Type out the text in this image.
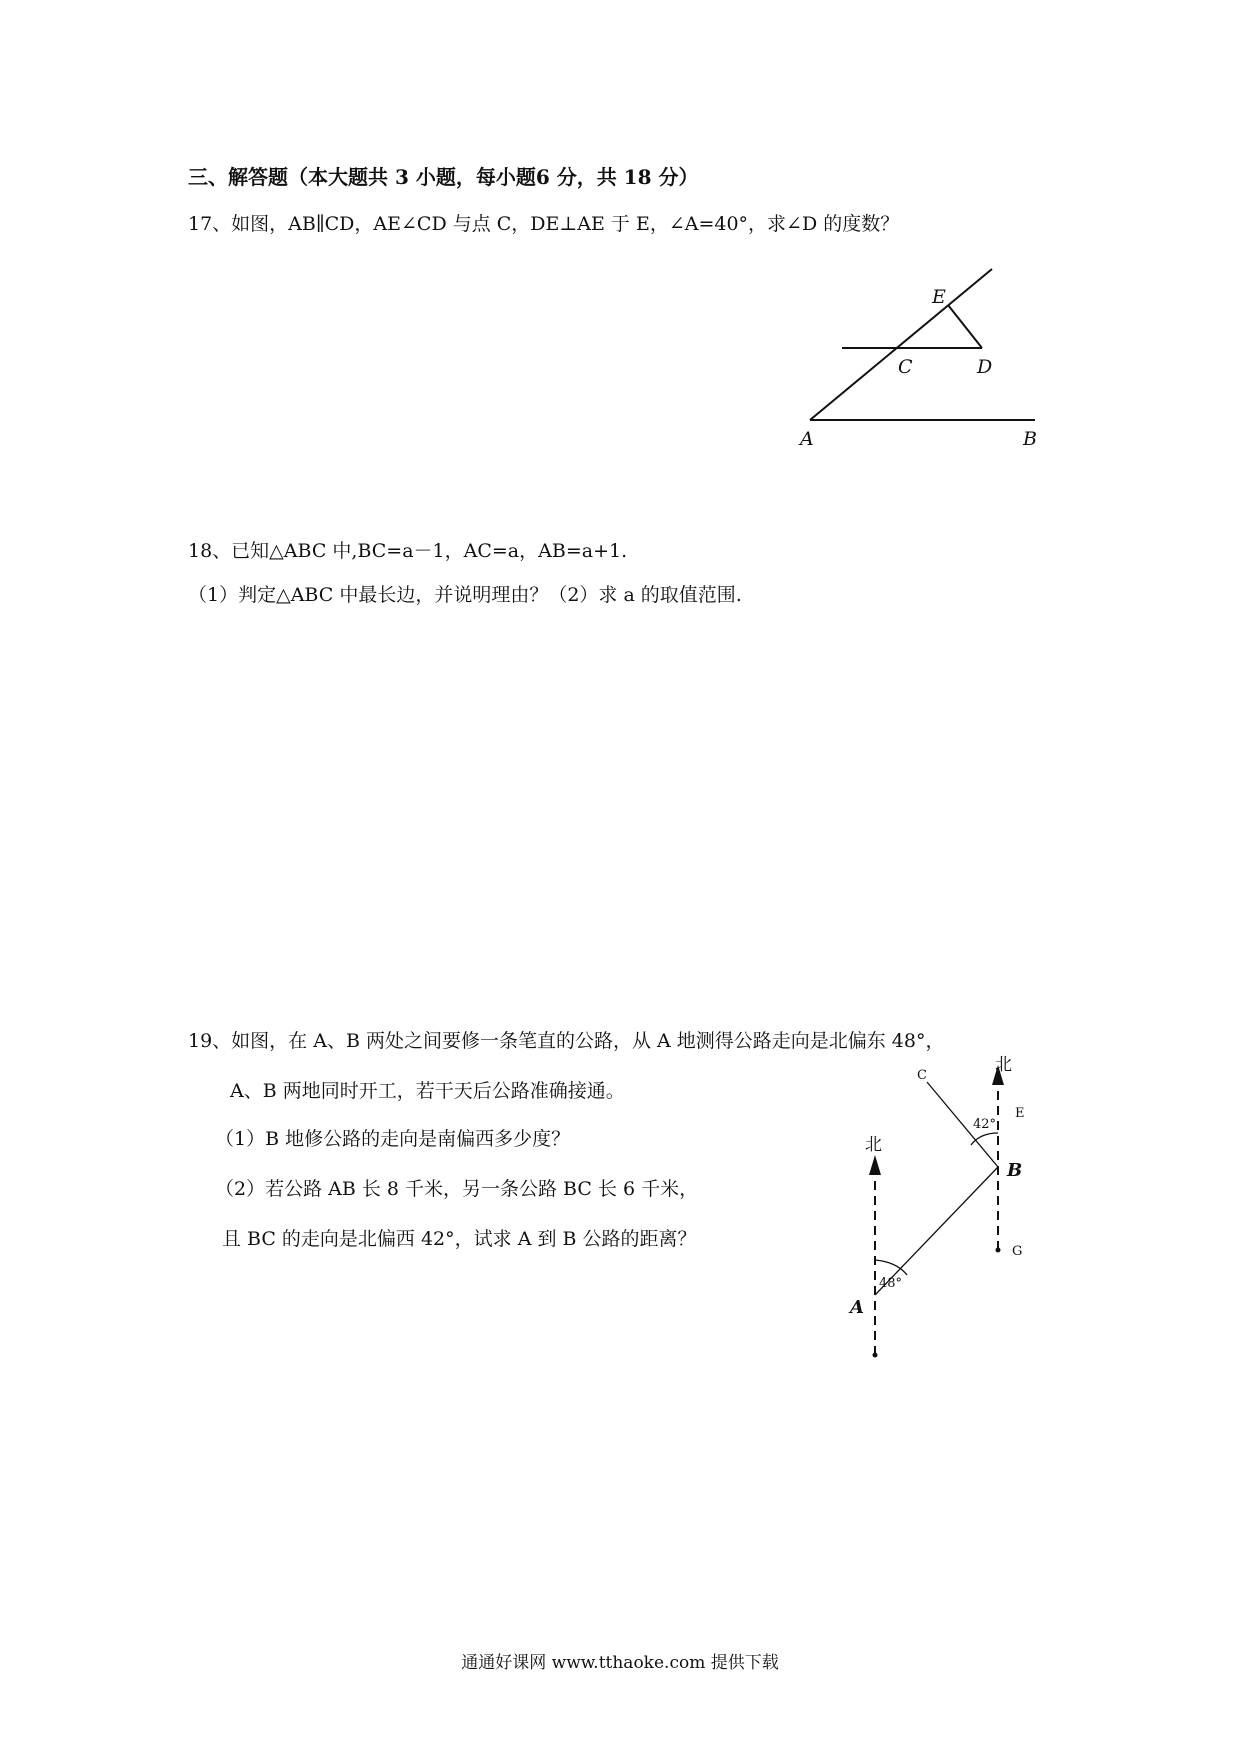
三、解答题（本大题共 3 小题，每小题6 分，共 18 分）
17、如图，AB∥CD，AE∠CD 与点 C，DE⊥AE 于 E，∠A=40°，求∠D 的度数？
E
C	D
A	B
18、已知△ABC 中,BC=a－1，AC=a，AB=a+1.
（1）判定△ABC 中最长边，并说明理由？（2）求 a 的取值范围.
19、如图，在 A、B 两处之间要修一条笔直的公路，从 A 地测得公路走向是北偏东 48°，
A、B 两地同时开工，若干天后公路准确接通。
（1）B 地修公路的走向是南偏西多少度？
（2）若公路 AB 长 8 千米，另一条公路 BC 长 6 千米，
且 BC 的走向是北偏西 42°，试求 A 到 B 公路的距离？
北
北
C
E
B
G
A
48°
42°
通通好课网 www.tthaoke.com 提供下载
